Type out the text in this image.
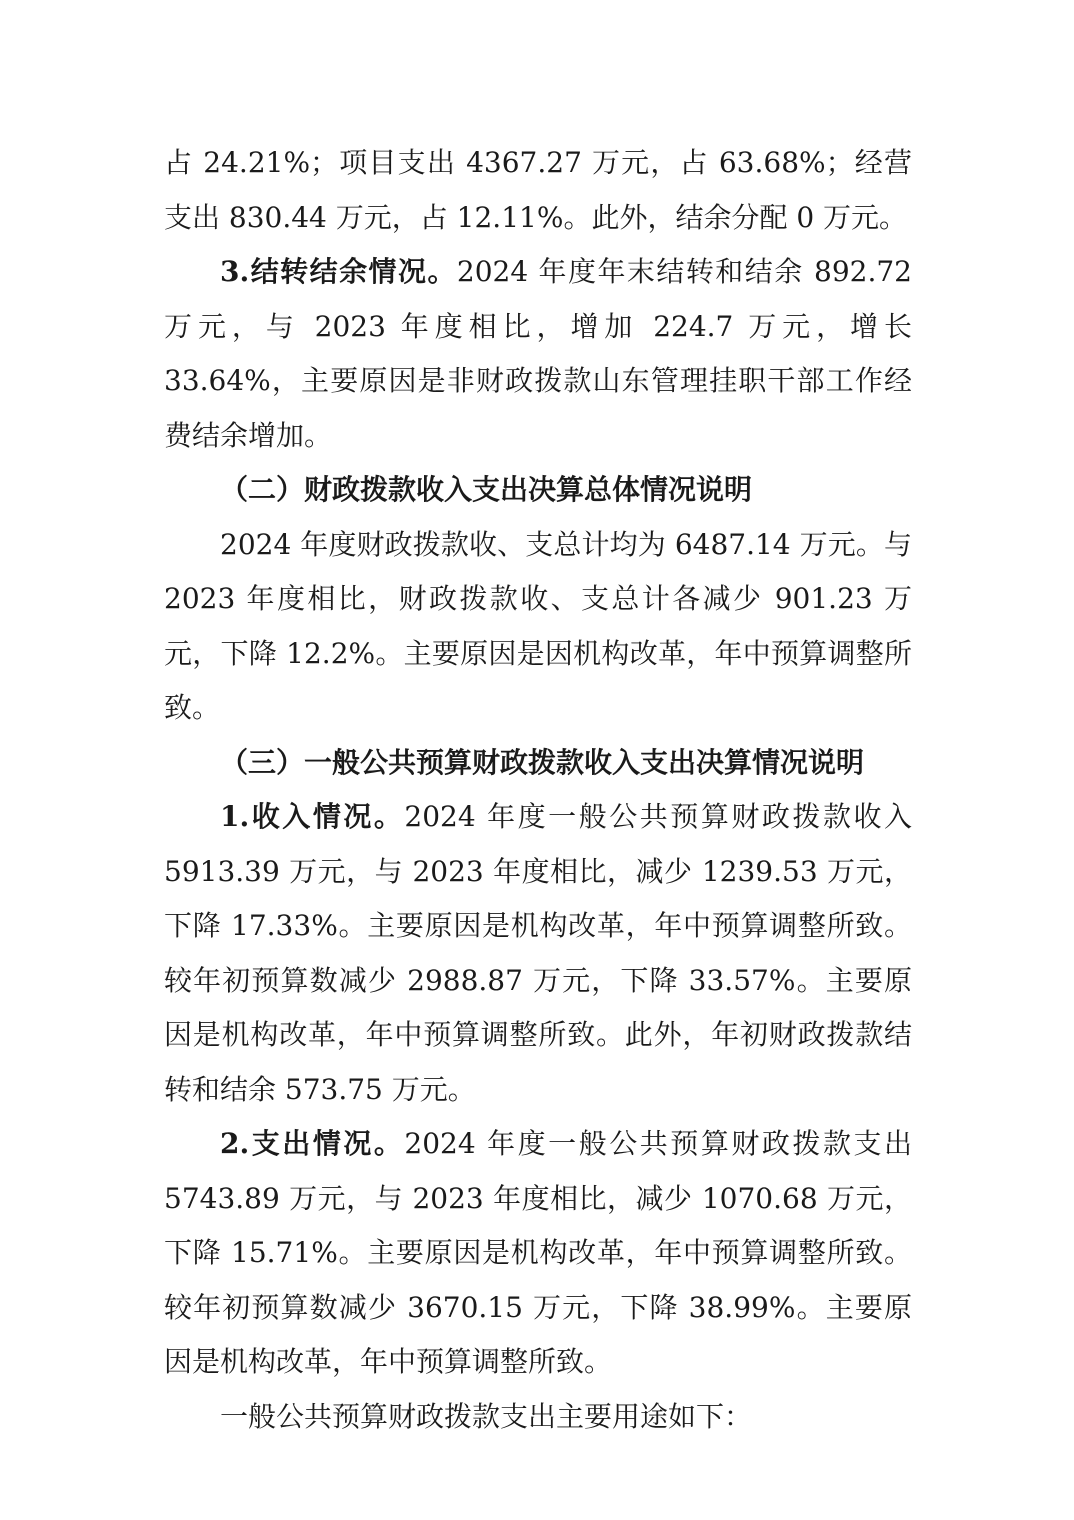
占 24.21%；项目支出 4367.27 万元，占 63.68%；经营支出 830.44 万元，占 12.11%。此外，结余分配 0 万元。

3.结转结余情况。2024 年度年末结转和结余 892.72 万元，与 2023 年度相比，增加 224.7 万元，增长 33.64%，主要原因是非财政拨款山东管理挂职干部工作经费结余增加。

（二）财政拨款收入支出决算总体情况说明

2024 年度财政拨款收、支总计均为 6487.14 万元。与 2023 年度相比，财政拨款收、支总计各减少 901.23 万元，下降 12.2%。主要原因是因机构改革，年中预算调整所致。

（三）一般公共预算财政拨款收入支出决算情况说明

1.收入情况。2024 年度一般公共预算财政拨款收入 5913.39 万元，与 2023 年度相比，减少 1239.53 万元，下降 17.33%。主要原因是机构改革，年中预算调整所致。较年初预算数减少 2988.87 万元，下降 33.57%。主要原因是机构改革，年中预算调整所致。此外，年初财政拨款结转和结余 573.75 万元。

2.支出情况。2024 年度一般公共预算财政拨款支出 5743.89 万元，与 2023 年度相比，减少 1070.68 万元，下降 15.71%。主要原因是机构改革，年中预算调整所致。较年初预算数减少 3670.15 万元，下降 38.99%。主要原因是机构改革，年中预算调整所致。

一般公共预算财政拨款支出主要用途如下：
